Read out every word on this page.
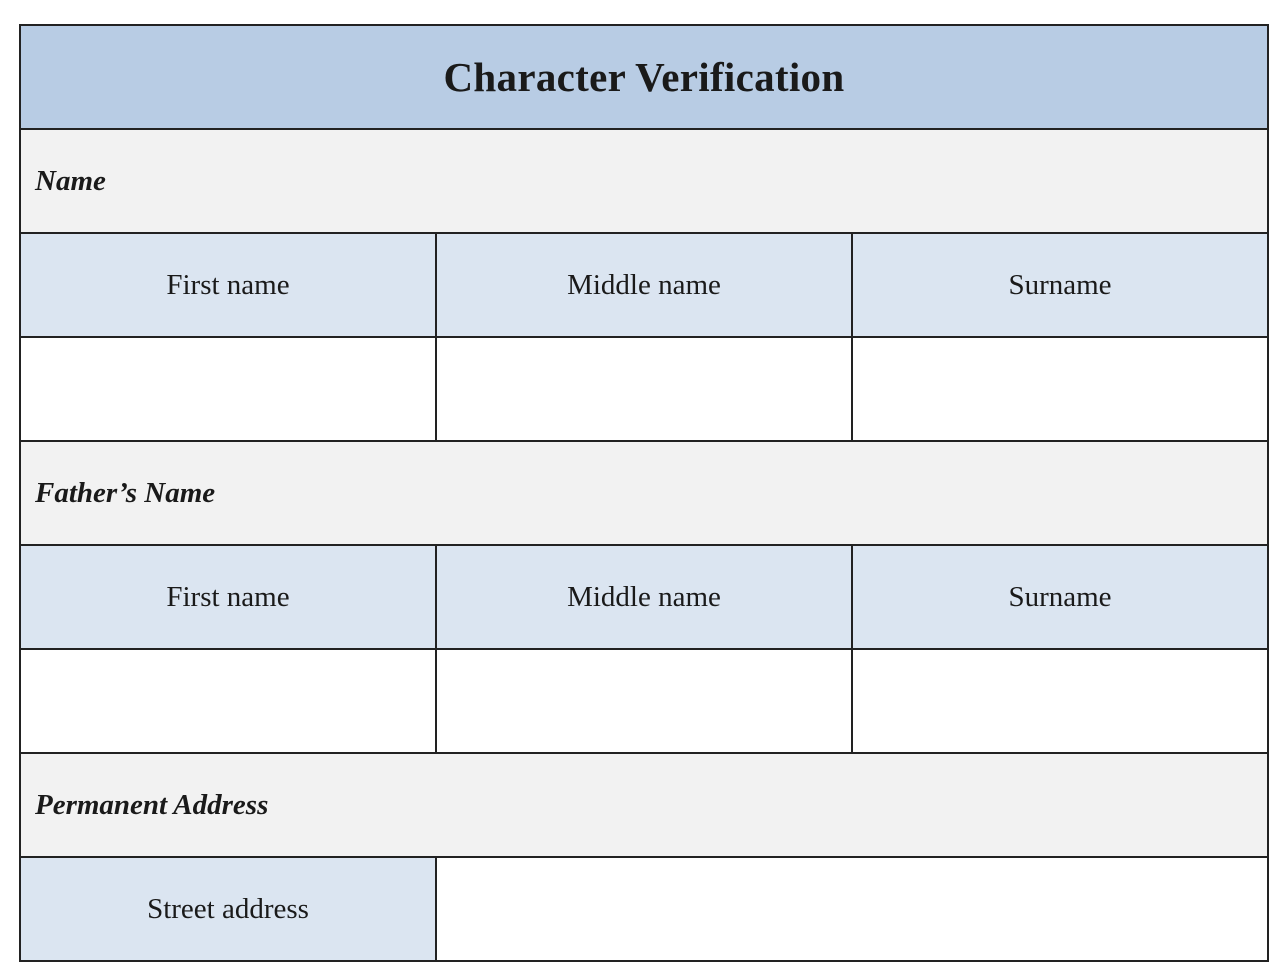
Character Verification
Name
First name	Middle name	Surname
Father’s Name
First name	Middle name	Surname
Permanent Address
Street address
